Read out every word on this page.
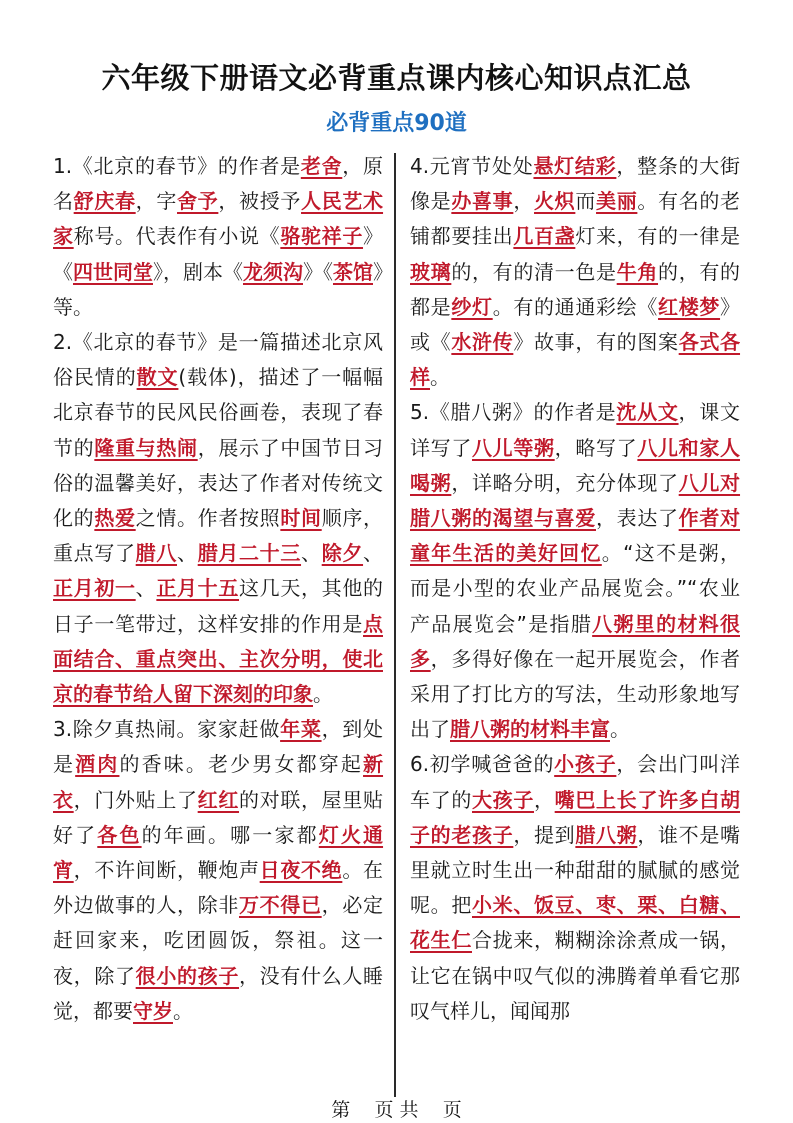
六年级下册语文必背重点课内核心知识点汇总
必背重点90道

1.《北京的春节》的作者是老舍，原名舒庆春，字舍予，被授予人民艺术家称号。代表作有小说《骆驼祥子》《四世同堂》，剧本《龙须沟》《茶馆》等。

2.《北京的春节》是一篇描述北京风俗民情的散文(载体)，描述了一幅幅北京春节的民风民俗画卷，表现了春节的隆重与热闹，展示了中国节日习俗的温馨美好，表达了作者对传统文化的热爱之情。作者按照时间顺序，重点写了腊八、腊月二十三、除夕、正月初一、正月十五这几天，其他的日子一笔带过，这样安排的作用是点面结合、重点突出、主次分明，使北京的春节给人留下深刻的印象。

3.除夕真热闹。家家赶做年菜，到处是酒肉的香味。老少男女都穿起新衣，门外贴上了红红的对联，屋里贴好了各色的年画。哪一家都灯火通宵，不许间断，鞭炮声日夜不绝。在外边做事的人，除非万不得已，必定赶回家来，吃团圆饭，祭祖。这一夜，除了很小的孩子，没有什么人睡觉，都要守岁。

4.元宵节处处悬灯结彩，整条的大街像是办喜事，火炽而美丽。有名的老铺都要挂出几百盏灯来，有的一律是玻璃的，有的清一色是牛角的，有的都是纱灯。有的通通彩绘《红楼梦》或《水浒传》故事，有的图案各式各样。

5.《腊八粥》的作者是沈从文，课文详写了八儿等粥，略写了八儿和家人喝粥，详略分明，充分体现了八儿对腊八粥的渴望与喜爱，表达了作者对童年生活的美好回忆。“这不是粥，而是小型的农业产品展览会。”“农业产品展览会”是指腊八粥里的材料很多，多得好像在一起开展览会，作者采用了打比方的写法，生动形象地写出了腊八粥的材料丰富。

6.初学喊爸爸的小孩子，会出门叫洋车了的大孩子，嘴巴上长了许多白胡子的老孩子，提到腊八粥，谁不是嘴里就立时生出一种甜甜的腻腻的感觉呢。把小米、饭豆、枣、栗、白糖、花生仁合拢来，糊糊涂涂煮成一锅，让它在锅中叹气似的沸腾着单看它那叹气样儿，闻闻那

第 页 共 页
